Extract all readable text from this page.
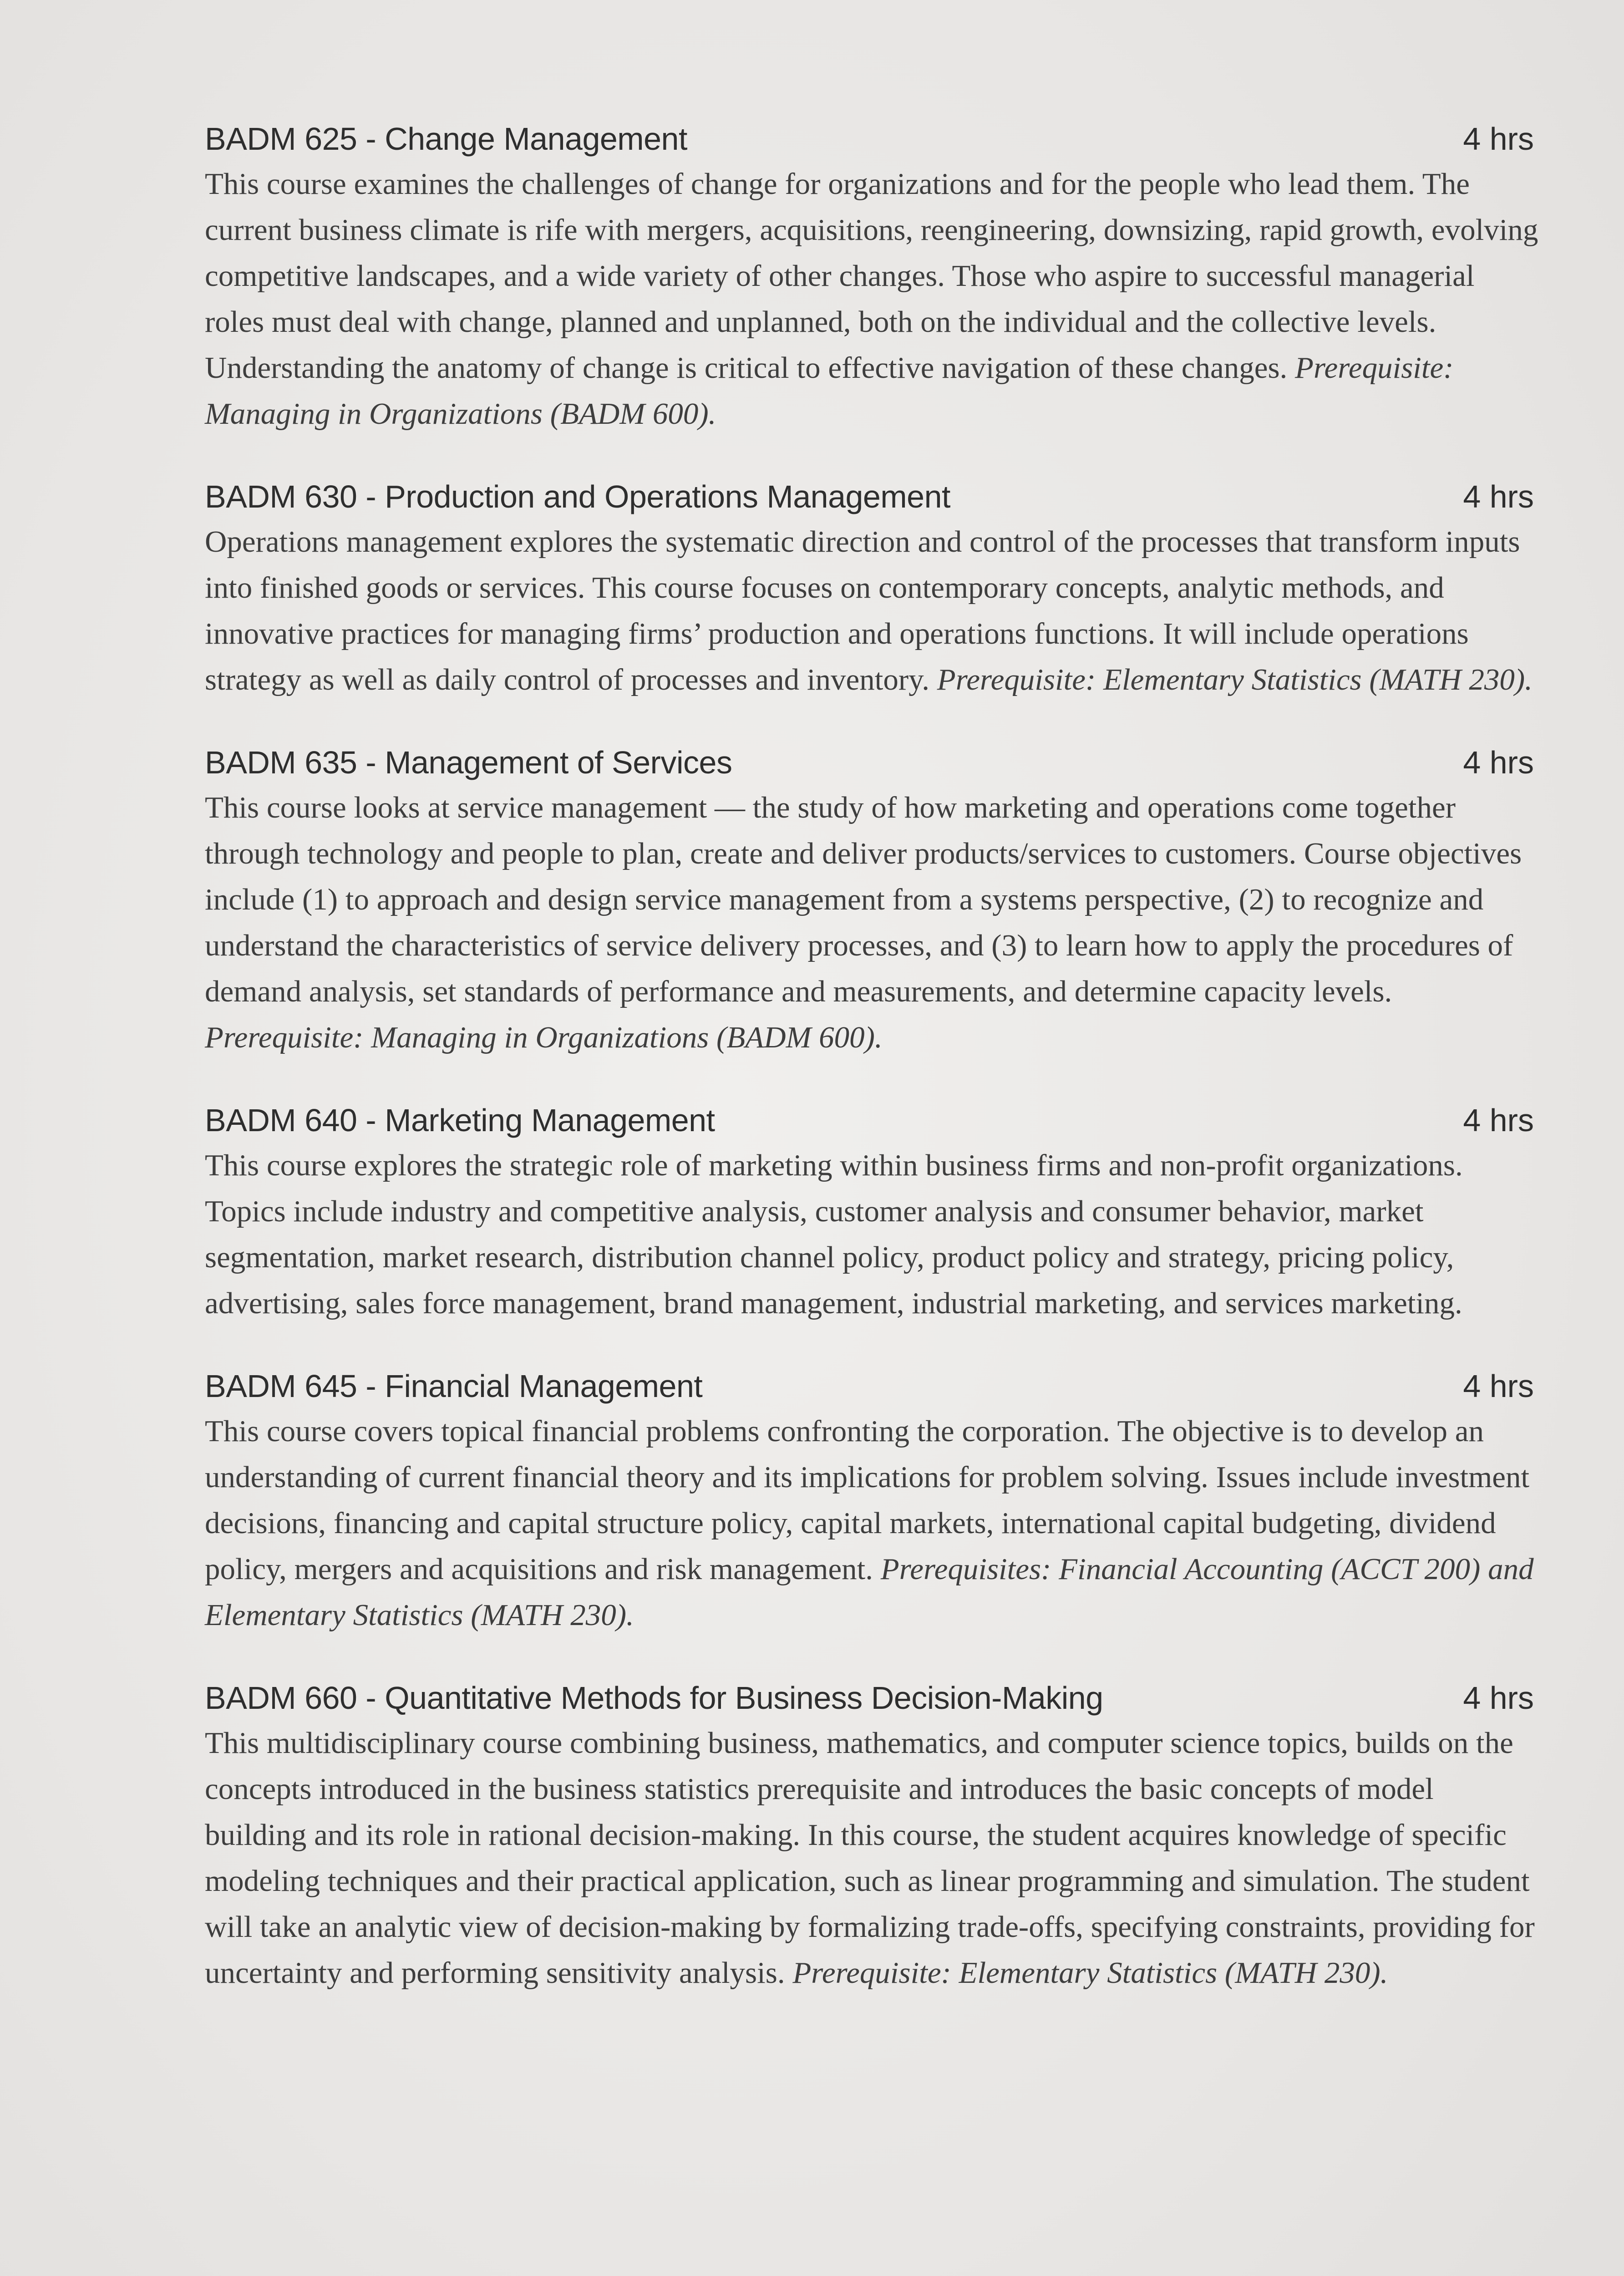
BADM 625 - Change Management	4 hrs
This course examines the challenges of change for organizations and for the people who lead them. The current business climate is rife with mergers, acquisitions, reengineering, downsizing, rapid growth, evolving competitive landscapes, and a wide variety of other changes. Those who aspire to successful managerial roles must deal with change, planned and unplanned, both on the individual and the collective levels. Understanding the anatomy of change is critical to effective navigation of these changes. Prerequisite: Managing in Organizations (BADM 600).
BADM 630 - Production and Operations Management	4 hrs
Operations management explores the systematic direction and control of the processes that transform inputs into finished goods or services. This course focuses on contemporary concepts, analytic methods, and innovative practices for managing firms’ production and operations functions. It will include operations strategy as well as daily control of processes and inventory. Prerequisite: Elementary Statistics (MATH 230).
BADM 635 - Management of Services	4 hrs
This course looks at service management — the study of how marketing and operations come together through technology and people to plan, create and deliver products/services to customers. Course objectives include (1) to approach and design service management from a systems perspective, (2) to recognize and understand the characteristics of service delivery processes, and (3) to learn how to apply the procedures of demand analysis, set standards of performance and measurements, and determine capacity levels. Prerequisite: Managing in Organizations (BADM 600).
BADM 640 - Marketing Management	4 hrs
This course explores the strategic role of marketing within business firms and non-profit organizations. Topics include industry and competitive analysis, customer analysis and consumer behavior, market segmentation, market research, distribution channel policy, product policy and strategy, pricing policy, advertising, sales force management, brand management, industrial marketing, and services marketing.
BADM 645 - Financial Management	4 hrs
This course covers topical financial problems confronting the corporation. The objective is to develop an understanding of current financial theory and its implications for problem solving. Issues include investment decisions, financing and capital structure policy, capital markets, international capital budgeting, dividend policy, mergers and acquisitions and risk management. Prerequisites: Financial Accounting (ACCT 200) and Elementary Statistics (MATH 230).
BADM 660 - Quantitative Methods for Business Decision-Making	4 hrs
This multidisciplinary course combining business, mathematics, and computer science topics, builds on the concepts introduced in the business statistics prerequisite and introduces the basic concepts of model building and its role in rational decision-making. In this course, the student acquires knowledge of specific modeling techniques and their practical application, such as linear programming and simulation. The student will take an analytic view of decision-making by formalizing trade-offs, specifying constraints, providing for uncertainty and performing sensitivity analysis. Prerequisite: Elementary Statistics (MATH 230).
